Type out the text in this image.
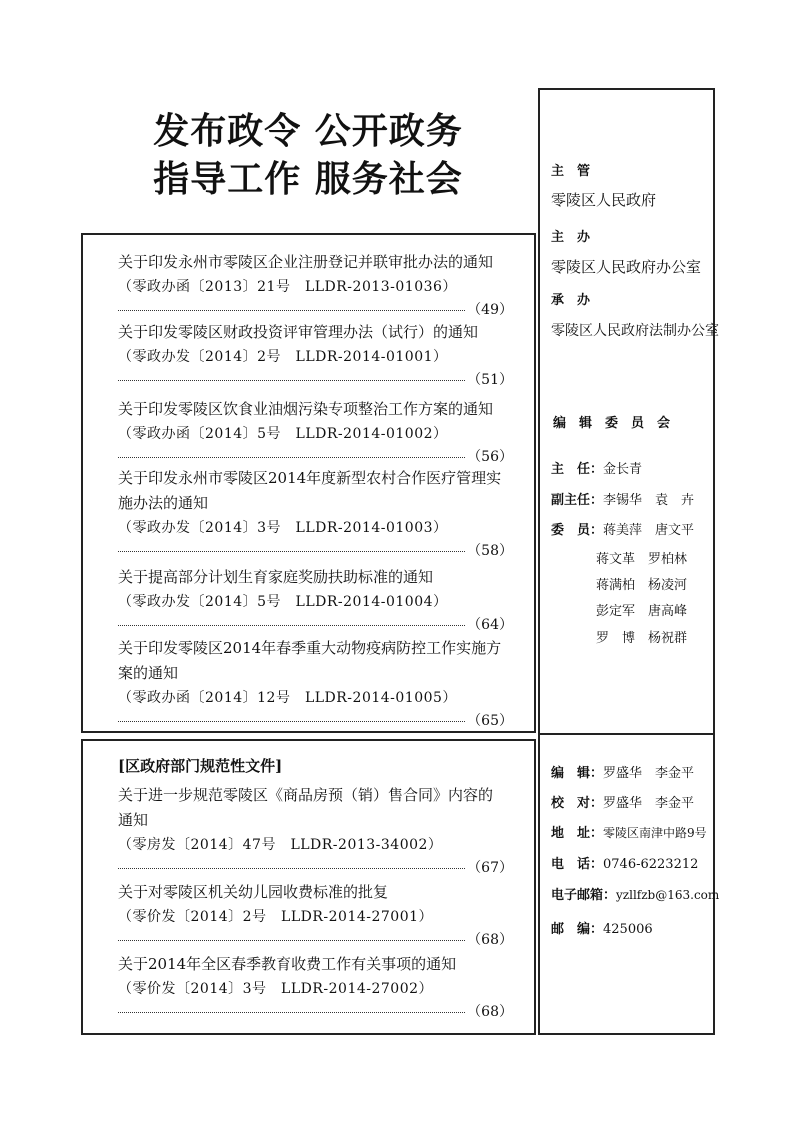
发布政令 公开政务
指导工作 服务社会
关于印发永州市零陵区企业注册登记并联审批办法的通知
（零政办函〔2013〕21号　LLDR-2013-01036）
（49）
关于印发零陵区财政投资评审管理办法（试行）的通知
（零政办发〔2014〕2号　LLDR-2014-01001）
（51）
关于印发零陵区饮食业油烟污染专项整治工作方案的通知
（零政办函〔2014〕5号　LLDR-2014-01002）
（56）
关于印发永州市零陵区2014年度新型农村合作医疗管理实
施办法的通知
（零政办发〔2014〕3号　LLDR-2014-01003）
（58）
关于提高部分计划生育家庭奖励扶助标准的通知
（零政办发〔2014〕5号　LLDR-2014-01004）
（64）
关于印发零陵区2014年春季重大动物疫病防控工作实施方
案的通知
（零政办函〔2014〕12号　LLDR-2014-01005）
（65）
[区政府部门规范性文件]
关于进一步规范零陵区《商品房预（销）售合同》内容的
通知
（零房发〔2014〕47号　LLDR-2013-34002）
（67）
关于对零陵区机关幼儿园收费标准的批复
（零价发〔2014〕2号　LLDR-2014-27001）
（68）
关于2014年全区春季教育收费工作有关事项的通知
（零价发〔2014〕3号　LLDR-2014-27002）
（68）
主　管
零陵区人民政府
主　办
零陵区人民政府办公室
承　办
零陵区人民政府法制办公室
编　辑　委　员　会
主　任：金长青
副主任：李锡华　袁　卉
委　员：蒋美萍　唐文平
蒋文革　罗柏林
蒋满柏　杨凌河
彭定军　唐高峰
罗　博　杨祝群
编　辑：罗盛华　李金平
校　对：罗盛华　李金平
地　址：零陵区南津中路9号
电　话：0746-6223212
电子邮箱：yzllfzb@163.com
邮　编：425006
